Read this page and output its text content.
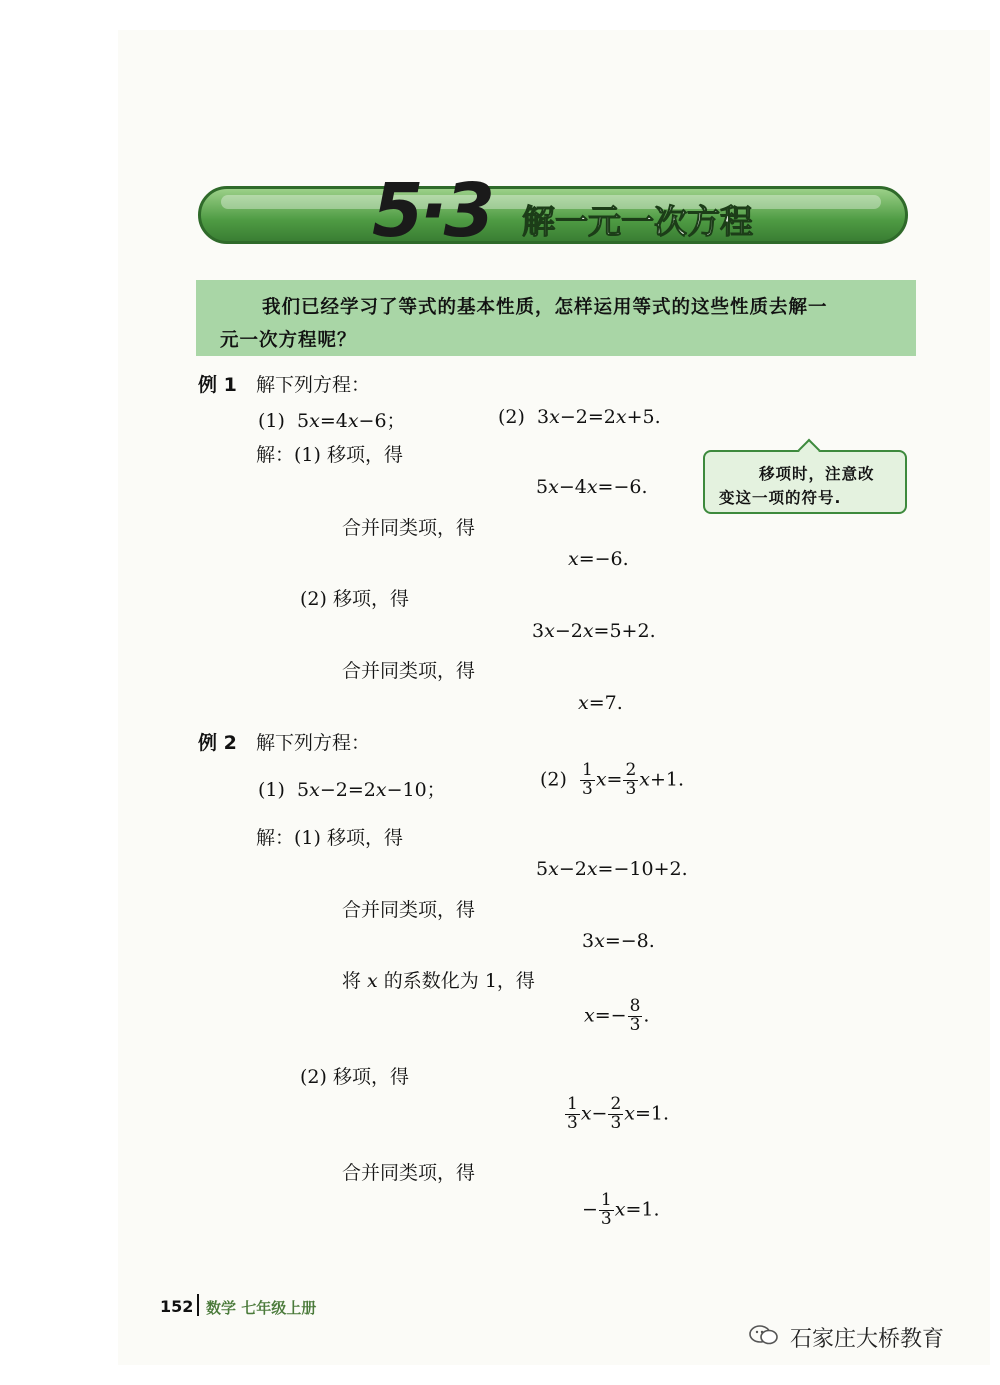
5·3 解一元一次方程
我们已经学习了等式的基本性质，怎样运用等式的这些性质去解一
元一次方程呢？
例 1 解下列方程：
(1)  5x=4x−6；	(2)  3x−2=2x+5.
解：(1) 移项，得
移项时，注意改
变这一项的符号.
5x−4x=−6.
合并同类项，得
x=−6.
(2) 移项，得
3x−2x=5+2.
合并同类项，得
x=7.
例 2 解下列方程：
(1)  5x−2=2x−10；	$(2) \frac{1}{3} x= \frac{2}{3} x+1$.
解：(1) 移项，得
5x−2x=−10+2.
合并同类项，得
3x=−8.
将 x 的系数化为 1，得
$x=- \frac{8}{3}$ .
(2) 移项，得
$\frac{1}{3} x- \frac{2}{3} x=1$.
合并同类项，得
− $\frac{1}{3} x=1$.
152 数学 七年级上册
石家庄大桥教育
